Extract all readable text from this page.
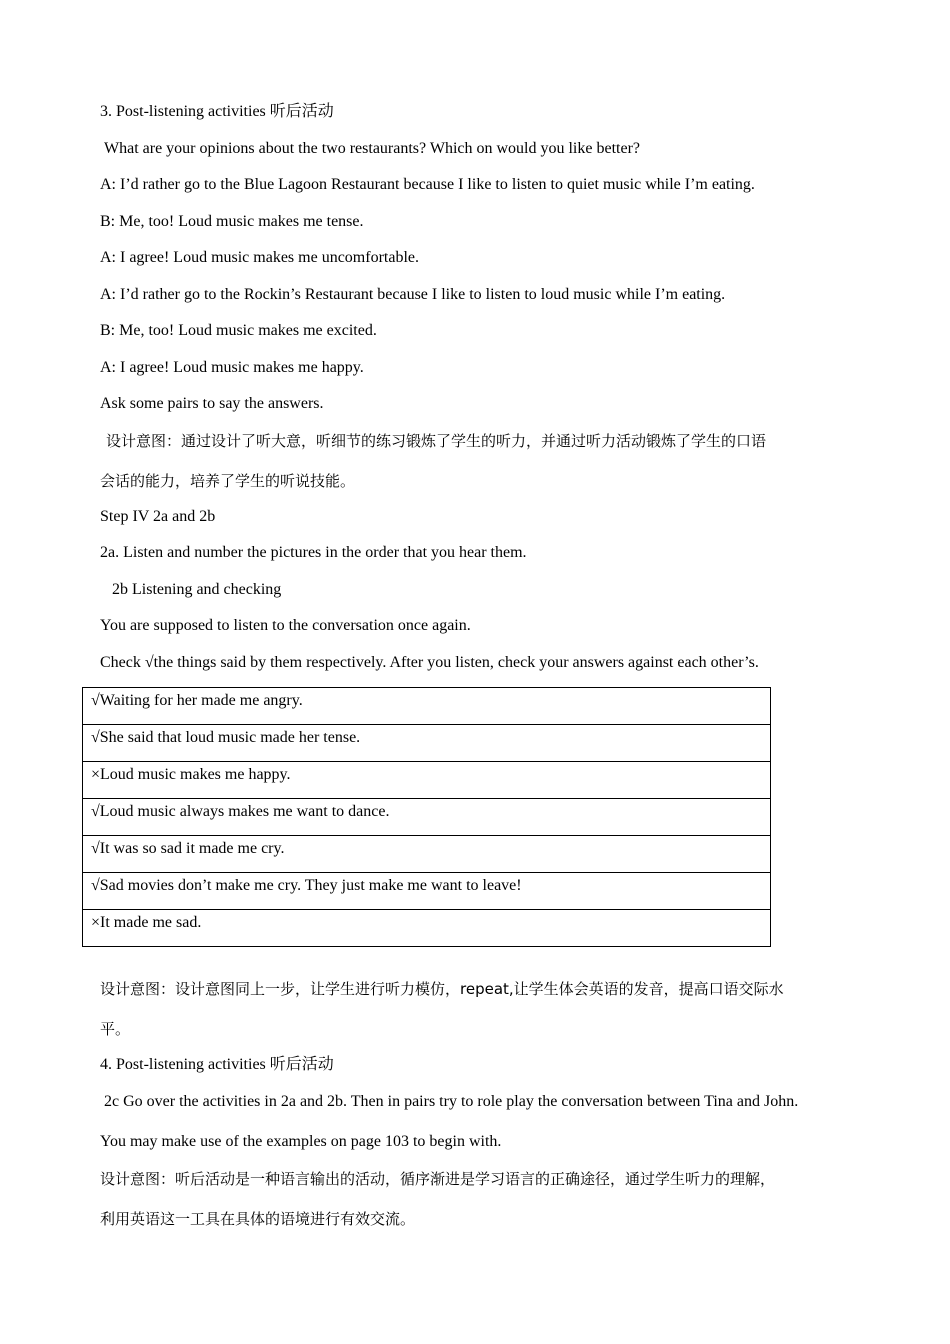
3. Post-listening activities 听后活动
What are your opinions about the two restaurants? Which on would you like better?
A: I’d rather go to the Blue Lagoon Restaurant because I like to listen to quiet music while I’m eating.
B: Me, too! Loud music makes me tense.
A: I agree! Loud music makes me uncomfortable.
A: I’d rather go to the Rockin’s Restaurant because I like to listen to loud music while I’m eating.
B: Me, too! Loud music makes me excited.
A: I agree! Loud music makes me happy.
Ask some pairs to say the answers.
设计意图：通过设计了听大意，听细节的练习锻炼了学生的听力，并通过听力活动锻炼了学生的口语
会话的能力，培养了学生的听说技能。
Step IV 2a and 2b
2a. Listen and number the pictures in the order that you hear them.
2b Listening and checking
You are supposed to listen to the conversation once again.
Check √the things said by them respectively. After you listen, check your answers against each other’s.
√Waiting for her made me angry.
√She said that loud music made her tense.
×Loud music makes me happy.
√Loud music always makes me want to dance.
√It was so sad it made me cry.
√Sad movies don’t make me cry. They just make me want to leave!
×It made me sad.
设计意图：设计意图同上一步，让学生进行听力模仿，repeat,让学生体会英语的发音，提高口语交际水
平。
4. Post-listening activities 听后活动
2c Go over the activities in 2a and 2b. Then in pairs try to role play the conversation between Tina and John.
You may make use of the examples on page 103 to begin with.
设计意图：听后活动是一种语言输出的活动，循序渐进是学习语言的正确途径，通过学生听力的理解，
利用英语这一工具在具体的语境进行有效交流。
